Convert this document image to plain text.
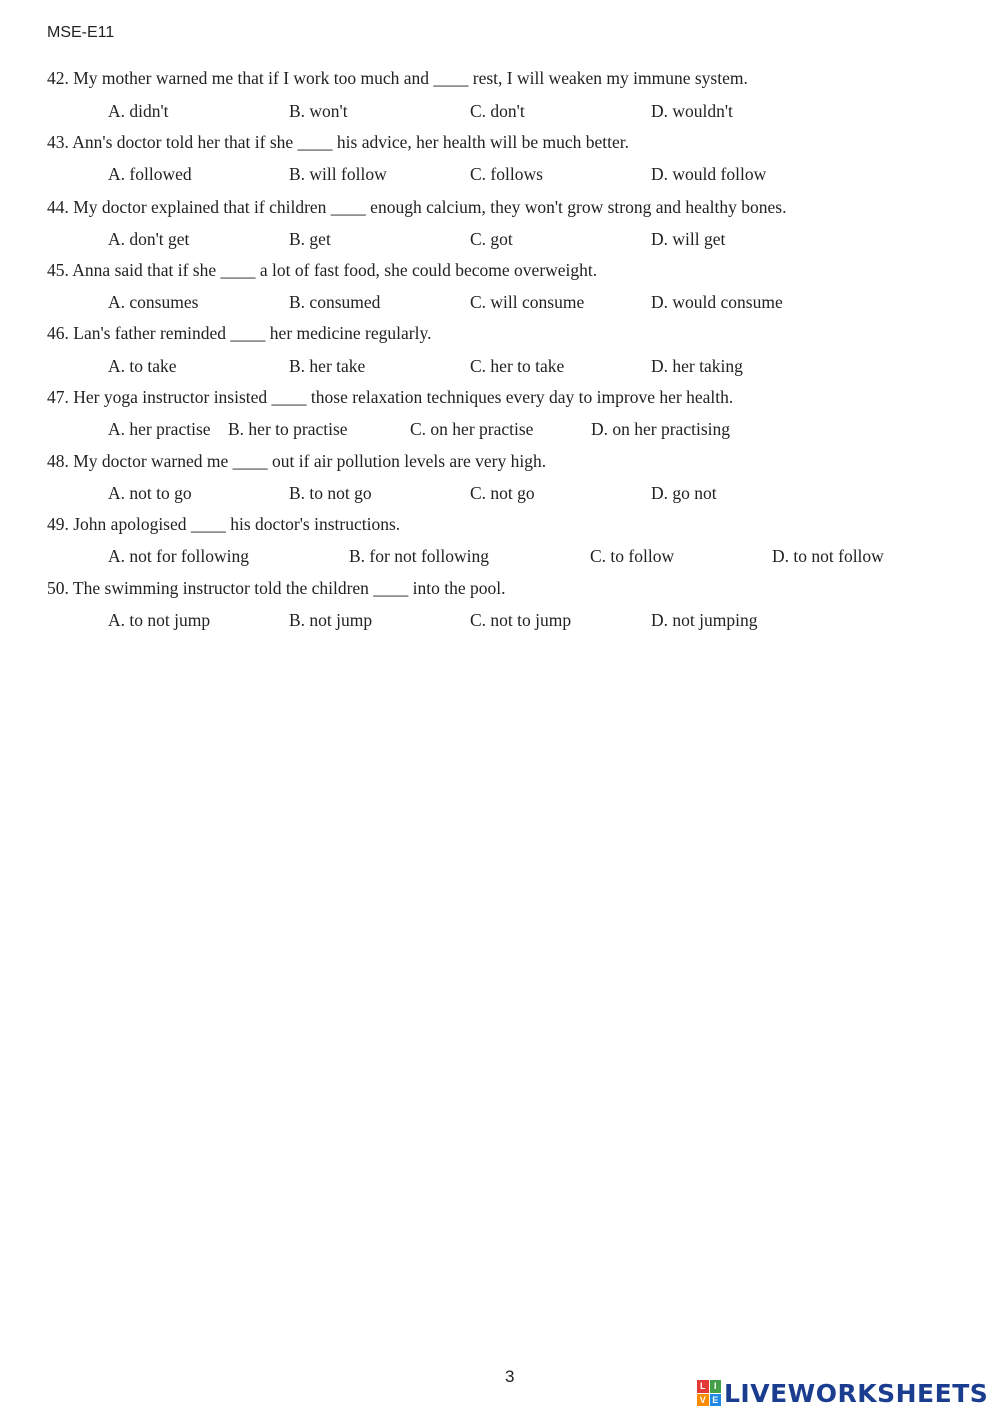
MSE-E11
42. My mother warned me that if I work too much and ____ rest, I will weaken my immune system.
A. didn't	B. won't	C. don't	D. wouldn't
43. Ann's doctor told her that if she ____ his advice, her health will be much better.
A. followed	B. will follow	C. follows	D. would follow
44. My doctor explained that if children ____ enough calcium, they won't grow strong and healthy bones.
A. don't get	B. get	C. got	D. will get
45. Anna said that if she ____ a lot of fast food, she could become overweight.
A. consumes	B. consumed	C. will consume	D. would consume
46. Lan's father reminded ____ her medicine regularly.
A. to take	B. her take	C. her to take	D. her taking
47. Her yoga instructor insisted ____ those relaxation techniques every day to improve her health.
A. her practise B. her to practise	C. on her practise	D. on her practising
48. My doctor warned me ____ out if air pollution levels are very high.
A. not to go	B. to not go	C. not go	D. go not
49. John apologised ____ his doctor's instructions.
A. not for following	B. for not following	C. to follow	D. to not follow
50. The swimming instructor told the children ____ into the pool.
A. to not jump	B. not jump	C. not to jump	D. not jumping
3
L I
V E LIVEWORKSHEETS
